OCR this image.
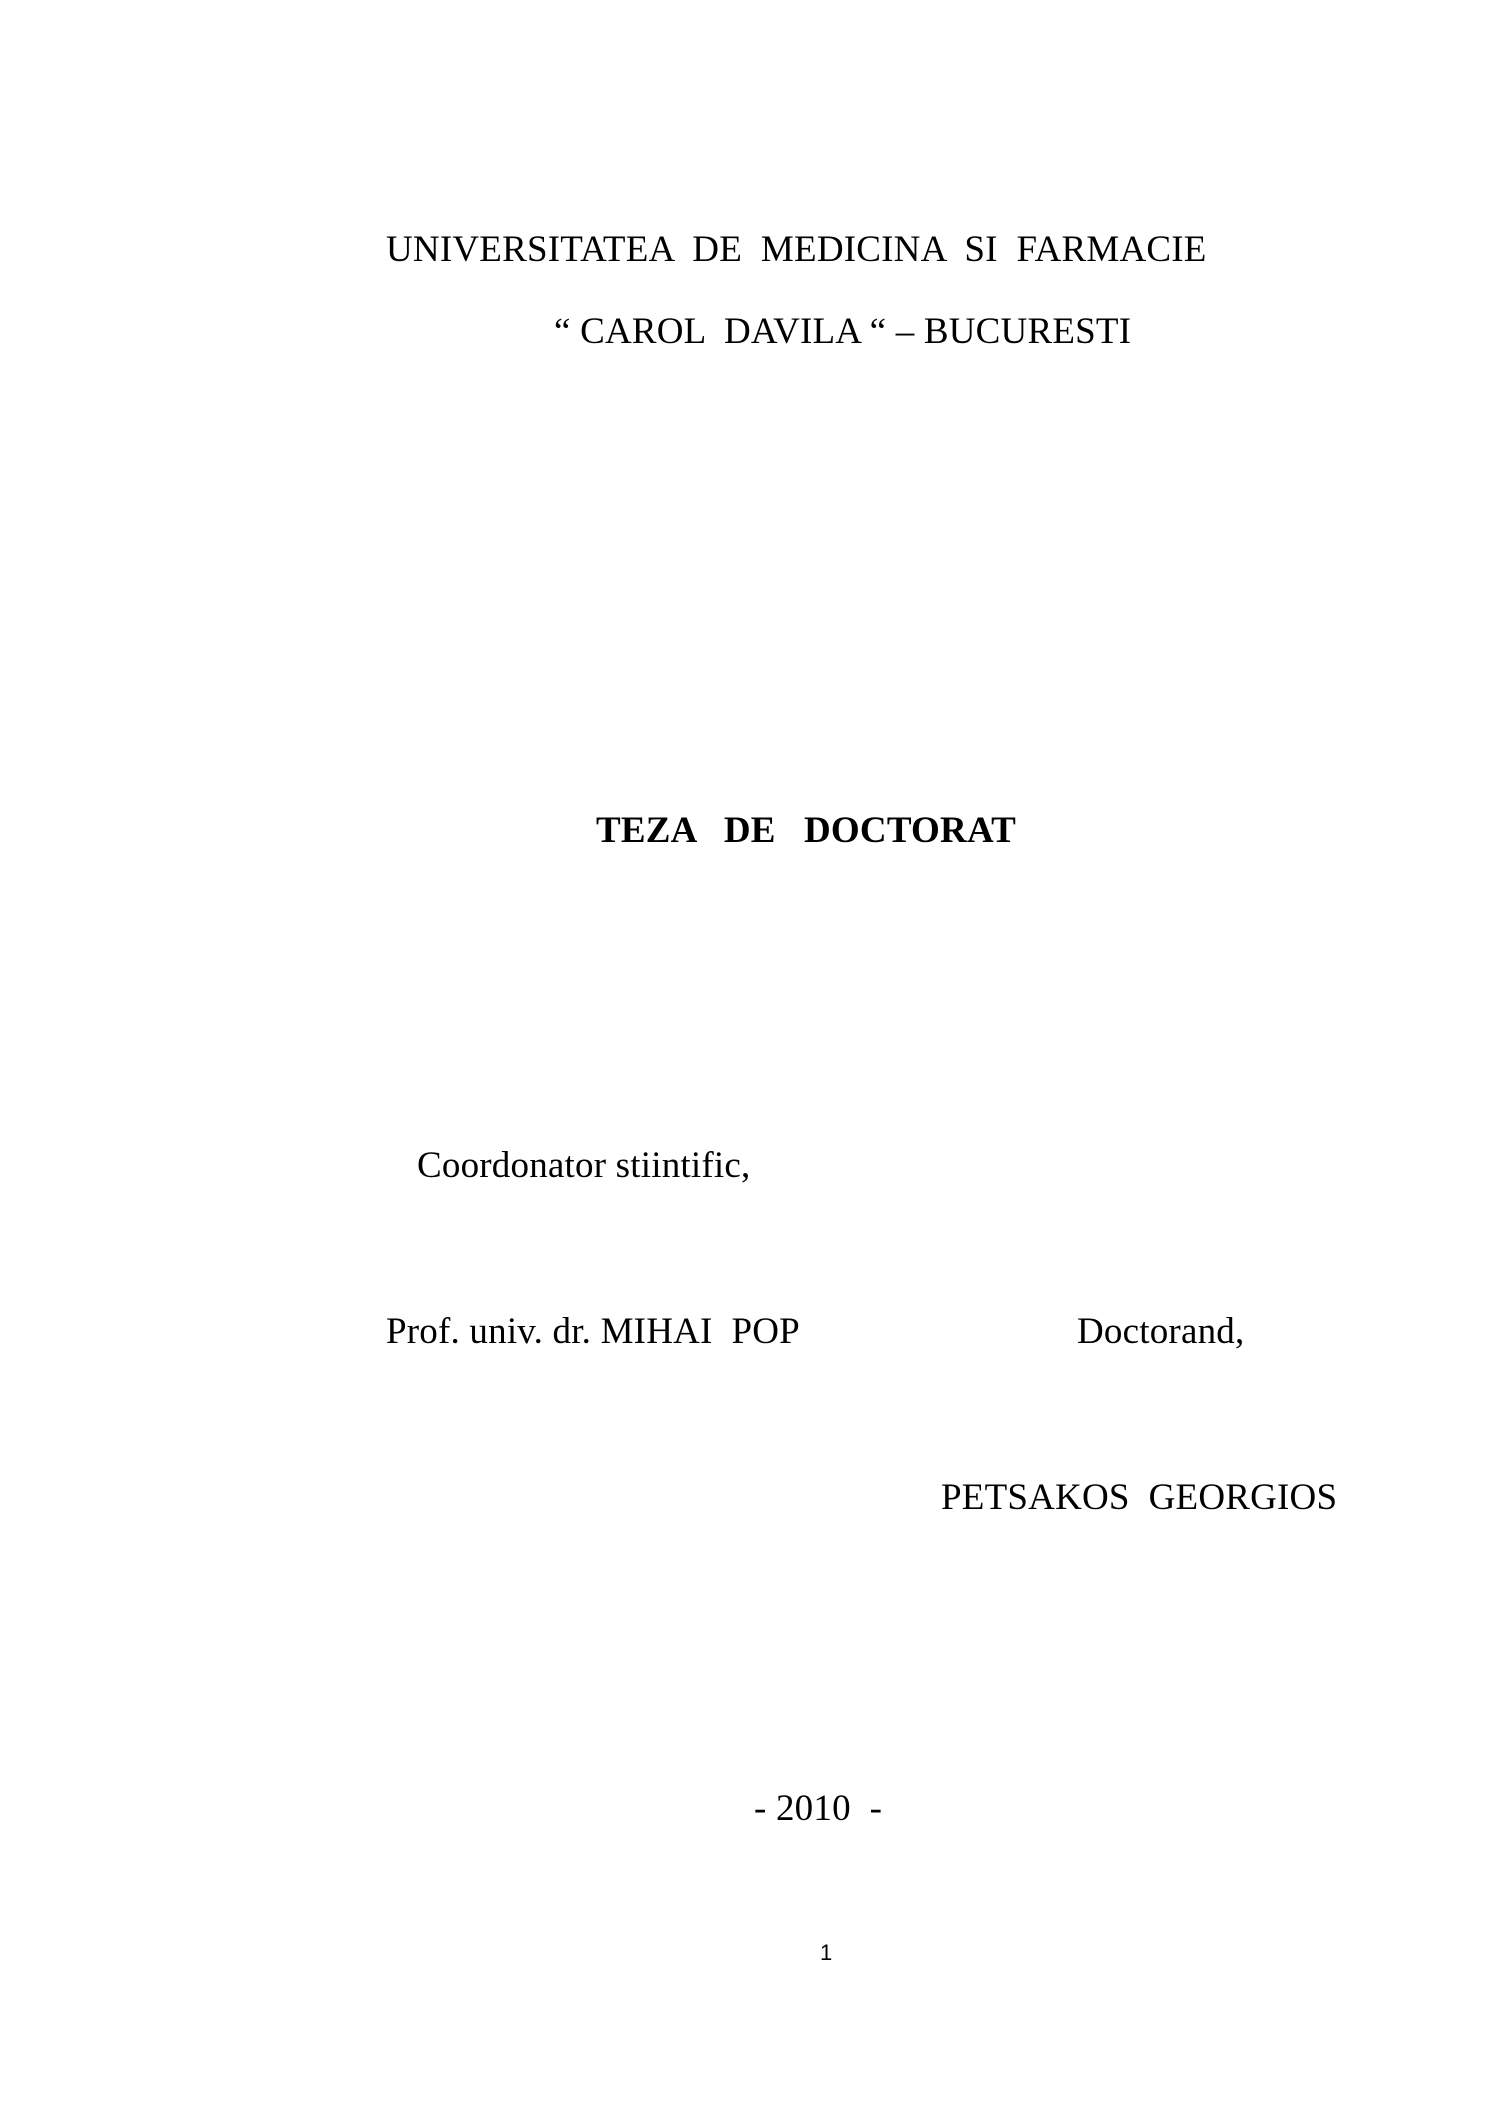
UNIVERSITATEA  DE  MEDICINA  SI  FARMACIE
“ CAROL  DAVILA “ – BUCURESTI
TEZA   DE   DOCTORAT
Coordonator stiintific,
Prof. univ. dr. MIHAI  POP	Doctorand,
PETSAKOS  GEORGIOS
- 2010  -
1
